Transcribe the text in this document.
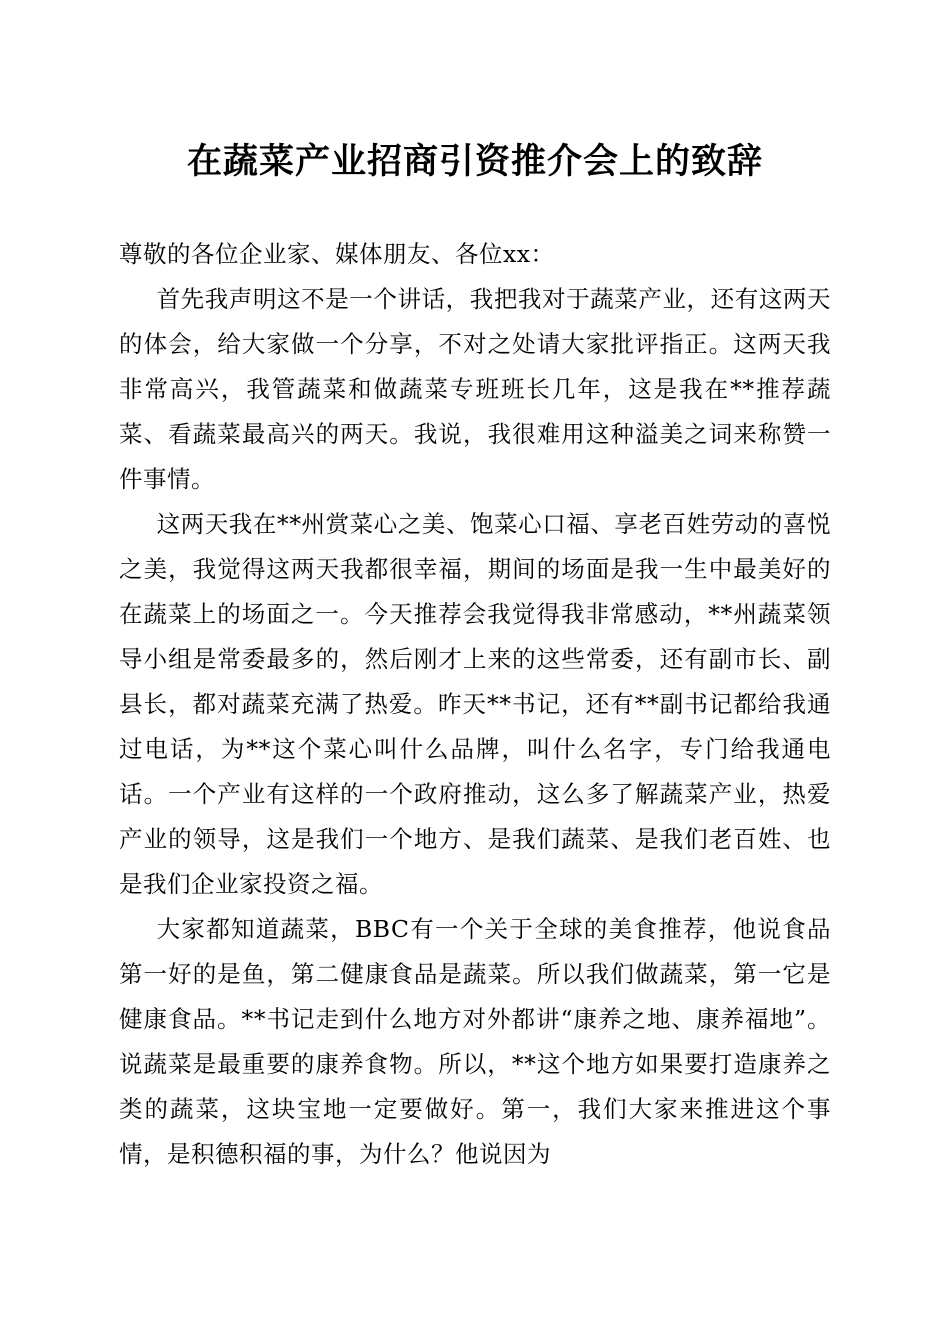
在蔬菜产业招商引资推介会上的致辞

尊敬的各位企业家、媒体朋友、各位xx：

首先我声明这不是一个讲话，我把我对于蔬菜产业，还有这两天的体会，给大家做一个分享，不对之处请大家批评指正。这两天我非常高兴，我管蔬菜和做蔬菜专班班长几年，这是我在**推荐蔬菜、看蔬菜最高兴的两天。我说，我很难用这种溢美之词来称赞一件事情。

这两天我在**州赏菜心之美、饱菜心口福、享老百姓劳动的喜悦之美，我觉得这两天我都很幸福，期间的场面是我一生中最美好的在蔬菜上的场面之一。今天推荐会我觉得我非常感动，**州蔬菜领导小组是常委最多的，然后刚才上来的这些常委，还有副市长、副县长，都对蔬菜充满了热爱。昨天**书记，还有**副书记都给我通过电话，为**这个菜心叫什么品牌，叫什么名字，专门给我通电话。一个产业有这样的一个政府推动，这么多了解蔬菜产业，热爱产业的领导，这是我们一个地方、是我们蔬菜、是我们老百姓、也是我们企业家投资之福。

大家都知道蔬菜，BBC有一个关于全球的美食推荐，他说食品第一好的是鱼，第二健康食品是蔬菜。所以我们做蔬菜，第一它是健康食品。**书记走到什么地方对外都讲“康养之地、康养福地”。说蔬菜是最重要的康养食物。所以，**这个地方如果要打造康养之类的蔬菜，这块宝地一定要做好。第一，我们大家来推进这个事情，是积德积福的事，为什么？他说因为
